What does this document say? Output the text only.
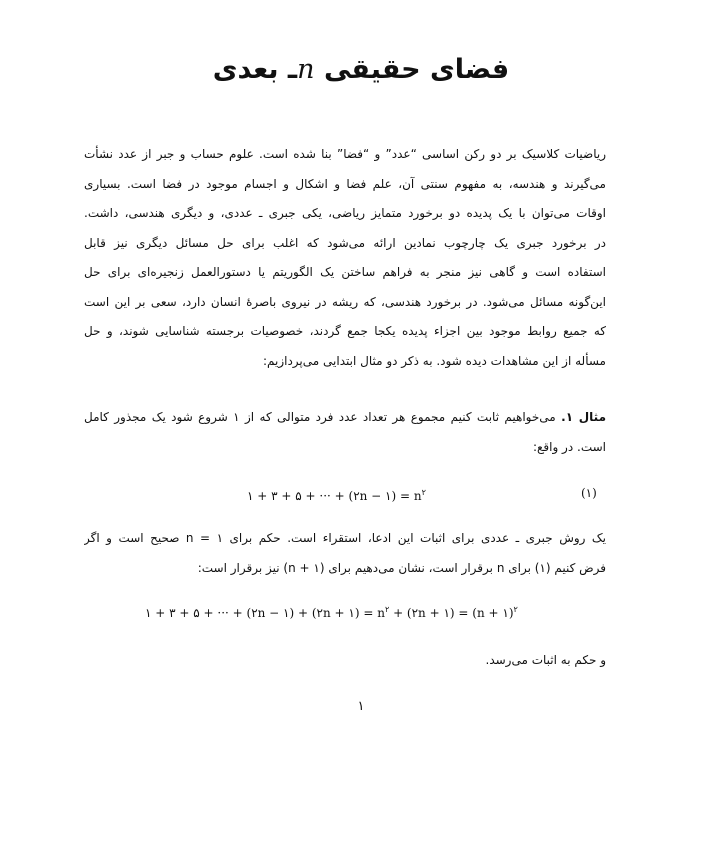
فضای حقیقی nـ بعدی
ریاضیات کلاسیک بر دو رکن اساسی “عدد” و “فضا” بنا شده است. علوم حساب و جبر از عدد نشأت
می‌گیرند و هندسه، به مفهوم سنتی آن، علم فضا و اشکال و اجسام موجود در فضا است. بسیاری
اوقات می‌توان با یک پدیده دو برخورد متمایز ریاضی، یکی جبری ـ عددی، و دیگری هندسی، داشت.
در برخورد جبری یک چارچوب نمادین ارائه می‌شود که اغلب برای حل مسائل دیگری نیز قابل
استفاده است و گاهی نیز منجر به فراهم ساختن یک الگوریتم یا دستورالعمل زنجیره‌ای برای حل
این‌گونه مسائل می‌شود. در برخورد هندسی، که ریشه در نیروی باصرهٔ انسان دارد، سعی بر این است
که جمیع روابط موجود بین اجزاء پدیده یکجا جمع گردند، خصوصیات برجسته شناسایی شوند، و حل
مسأله از این مشاهدات دیده شود. به ذکر دو مثال ابتدایی می‌پردازیم:
مثال ۱. می‌خواهیم ثابت کنیم مجموع هر تعداد عدد فرد متوالی که از ۱ شروع شود یک مجذور کامل
است. در واقع:
۱ + ۳ + ۵ + ··· + (۲n − ۱) = $n^۲$	(۱)
یک روش جبری ـ عددی برای اثبات این ادعا، استقراء است. حکم برای n = ۱ صحیح است و اگر
فرض کنیم (۱) برای n برقرار است، نشان می‌دهیم برای (n + ۱) نیز برقرار است:
۱ + ۳ + ۵ + ··· + (۲n − ۱) + (۲n + ۱) = $n^۲$ + (۲n + ۱) = (n + ۱)$^۲$
و حکم به اثبات می‌رسد.
۱
